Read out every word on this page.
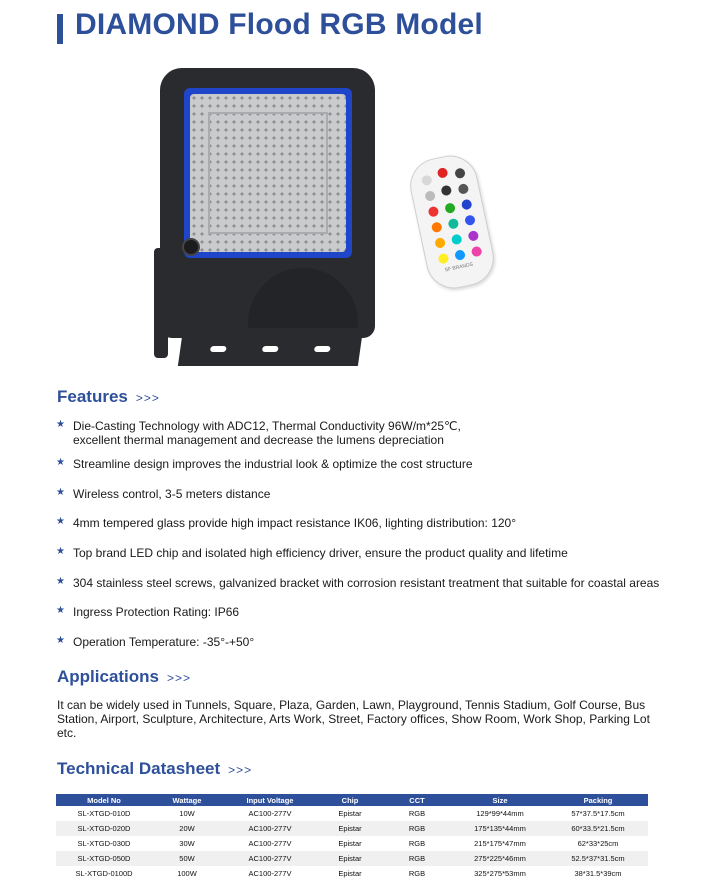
DIAMOND Flood RGB Model
SF BRANDS
Features >>>
★ Die-Casting Technology with ADC12, Thermal Conductivity 96W/m*25℃,
excellent thermal management and decrease the lumens depreciation
★ Streamline design improves the industrial look & optimize the cost structure
★ Wireless control, 3-5 meters distance
★ 4mm tempered glass provide high impact resistance IK06, lighting distribution: 120°
★ Top brand LED chip and isolated high efficiency driver, ensure the product quality and lifetime
★ 304 stainless steel screws, galvanized bracket with corrosion resistant treatment that suitable for coastal areas
★ Ingress Protection Rating: IP66
★ Operation Temperature: -35°-+50°
Applications >>>

It can be widely used in Tunnels, Square, Plaza, Garden, Lawn, Playground, Tennis Stadium, Golf Course, Bus Station, Airport, Sculpture, Architecture, Arts Work, Street, Factory offices, Show Room, Work Shop, Parking Lot etc.

Technical Datasheet >>>
Model No	Wattage	Input Voltage	Chip	CCT	Size	Packing
SL-XTGD-010D	10W	AC100-277V	Epistar	RGB	129*99*44mm	57*37.5*17.5cm
SL-XTGD-020D	20W	AC100-277V	Epistar	RGB	175*135*44mm	60*33.5*21.5cm
SL-XTGD-030D	30W	AC100-277V	Epistar	RGB	215*175*47mm	62*33*25cm
SL-XTGD-050D	50W	AC100-277V	Epistar	RGB	275*225*46mm	52.5*37*31.5cm
SL-XTGD-0100D	100W	AC100-277V	Epistar	RGB	325*275*53mm	38*31.5*39cm
